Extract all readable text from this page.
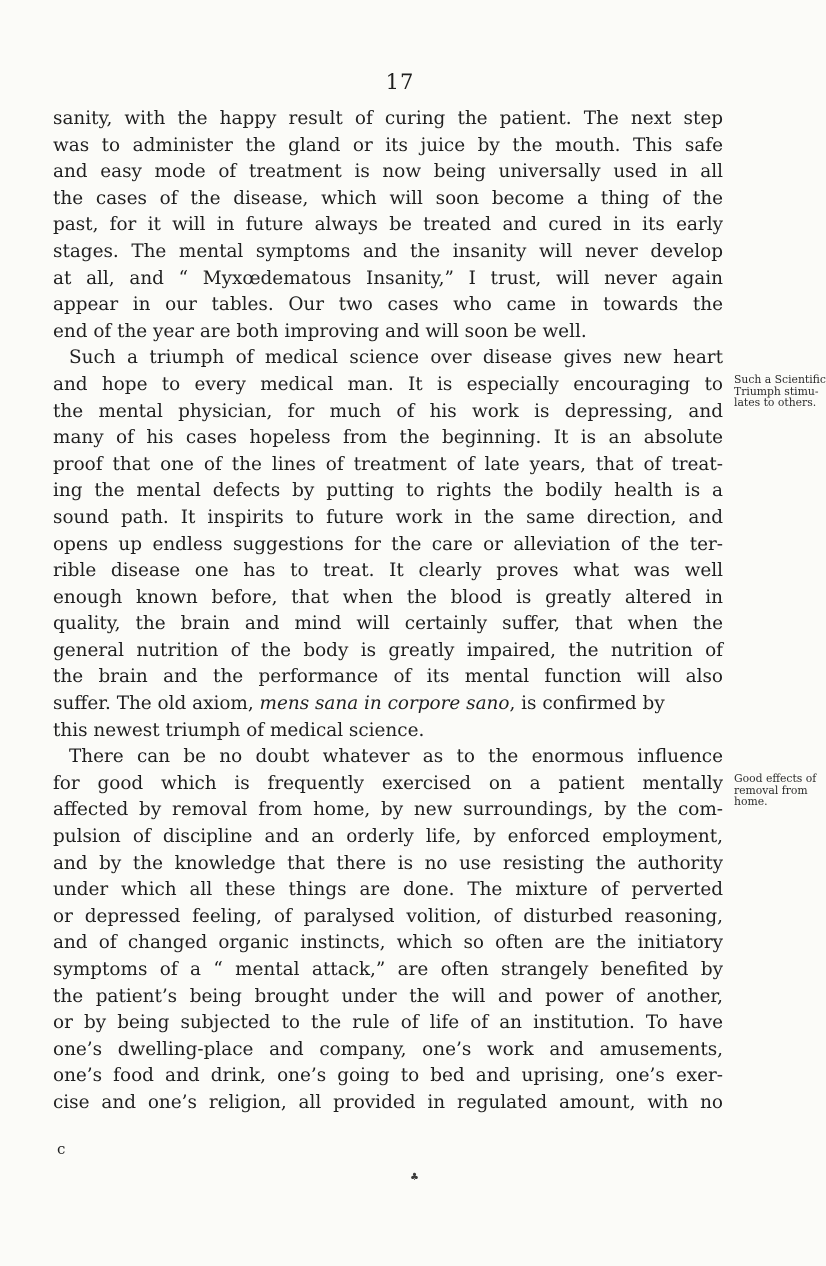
17
sanity, with the happy result of curing the patient. The next step
was to administer the gland or its juice by the mouth. This safe
and easy mode of treatment is now being universally used in all
the cases of the disease, which will soon become a thing of the
past, for it will in future always be treated and cured in its early
stages. The mental symptoms and the insanity will never develop
at all, and “ Myxœdematous Insanity,” I trust, will never again
appear in our tables. Our two cases who came in towards the
end of the year are both improving and will soon be well.
Such a triumph of medical science over disease gives new heart
and hope to every medical man. It is especially encouraging to
the mental physician, for much of his work is depressing, and
many of his cases hopeless from the beginning. It is an absolute
proof that one of the lines of treatment of late years, that of treat-
ing the mental defects by putting to rights the bodily health is a
sound path. It inspirits to future work in the same direction, and
opens up endless suggestions for the care or alleviation of the ter-
rible disease one has to treat. It clearly proves what was well
enough known before, that when the blood is greatly altered in
quality, the brain and mind will certainly suffer, that when the
general nutrition of the body is greatly impaired, the nutrition of
the brain and the performance of its mental function will also
suffer. The old axiom, mens sana in corpore sano, is confirmed by
this newest triumph of medical science.
There can be no doubt whatever as to the enormous influence
for good which is frequently exercised on a patient mentally
affected by removal from home, by new surroundings, by the com-
pulsion of discipline and an orderly life, by enforced employment,
and by the knowledge that there is no use resisting the authority
under which all these things are done. The mixture of perverted
or depressed feeling, of paralysed volition, of disturbed reasoning,
and of changed organic instincts, which so often are the initiatory
symptoms of a “ mental attack,” are often strangely benefited by
the patient’s being brought under the will and power of another,
or by being subjected to the rule of life of an institution. To have
one’s dwelling-place and company, one’s work and amusements,
one’s food and drink, one’s going to bed and uprising, one’s exer-
cise and one’s religion, all provided in regulated amount, with no
Such a Scientific
Triumph stimu-
lates to others.
Good effects of
removal from
home.
c
♣
